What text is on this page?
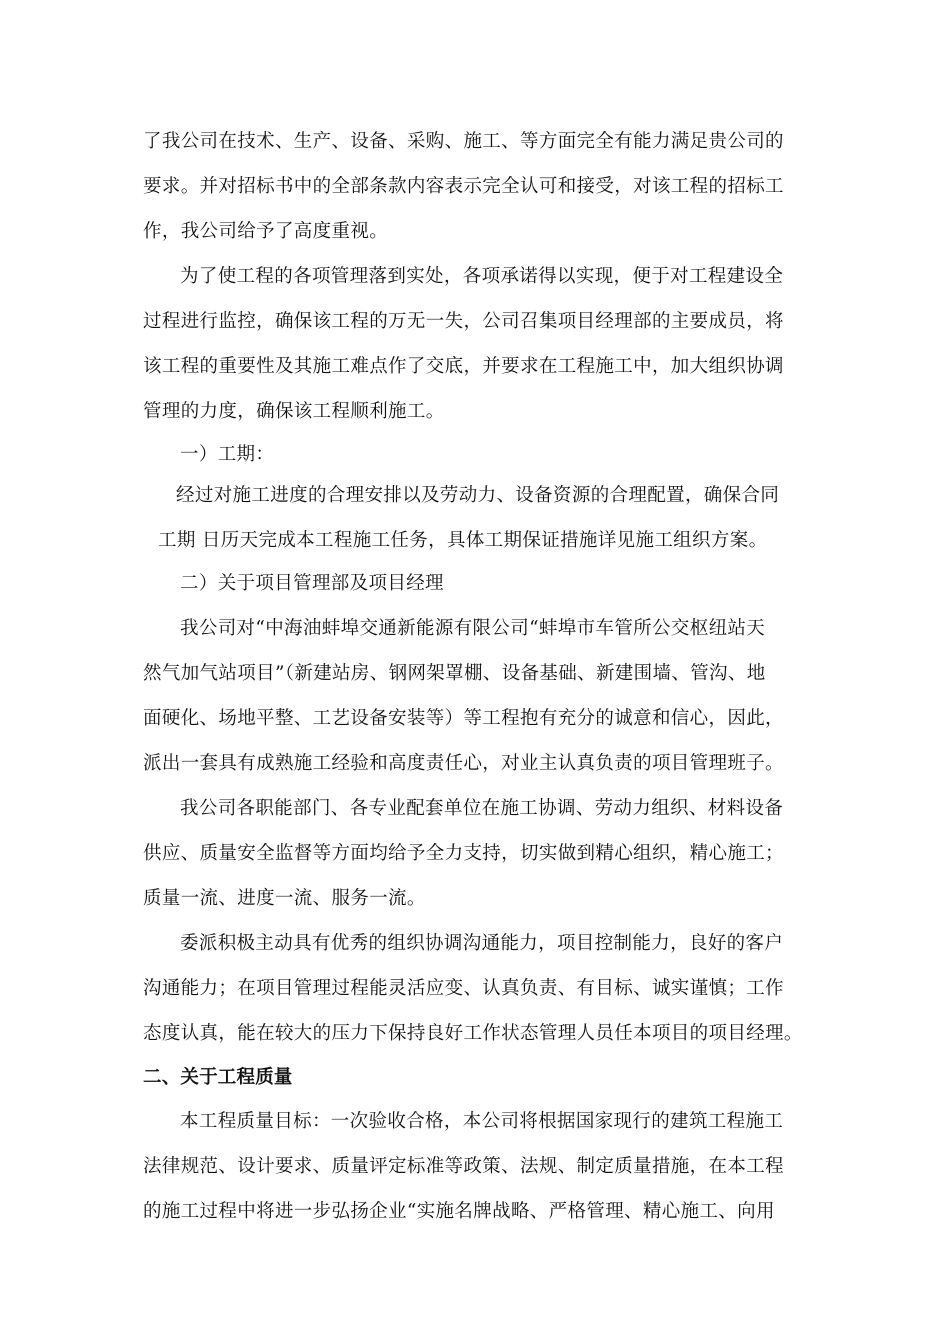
了我公司在技术、生产、设备、采购、施工、等方面完全有能力满足贵公司的
要求。并对招标书中的全部条款内容表示完全认可和接受，对该工程的招标工
作，我公司给予了高度重视。
为了使工程的各项管理落到实处，各项承诺得以实现，便于对工程建设全
过程进行监控，确保该工程的万无一失，公司召集项目经理部的主要成员，将
该工程的重要性及其施工难点作了交底，并要求在工程施工中，加大组织协调
管理的力度，确保该工程顺利施工。
一）工期：
经过对施工进度的合理安排以及劳动力、设备资源的合理配置，确保合同
工期 日历天完成本工程施工任务，具体工期保证措施详见施工组织方案。
二）关于项目管理部及项目经理
我公司对“中海油蚌埠交通新能源有限公司“蚌埠市车管所公交枢纽站天
然气加气站项目”（新建站房、钢网架罩棚、设备基础、新建围墙、管沟、地
面硬化、场地平整、工艺设备安装等）等工程抱有充分的诚意和信心，因此，
派出一套具有成熟施工经验和高度责任心，对业主认真负责的项目管理班子。
我公司各职能部门、各专业配套单位在施工协调、劳动力组织、材料设备
供应、质量安全监督等方面均给予全力支持，切实做到精心组织，精心施工；
质量一流、进度一流、服务一流。
委派积极主动具有优秀的组织协调沟通能力，项目控制能力，良好的客户
沟通能力；在项目管理过程能灵活应变、认真负责、有目标、诚实谨慎；工作
态度认真，能在较大的压力下保持良好工作状态管理人员任本项目的项目经理。
二、关于工程质量
本工程质量目标：一次验收合格，本公司将根据国家现行的建筑工程施工
法律规范、设计要求、质量评定标准等政策、法规、制定质量措施，在本工程
的施工过程中将进一步弘扬企业“实施名牌战略、严格管理、精心施工、向用
